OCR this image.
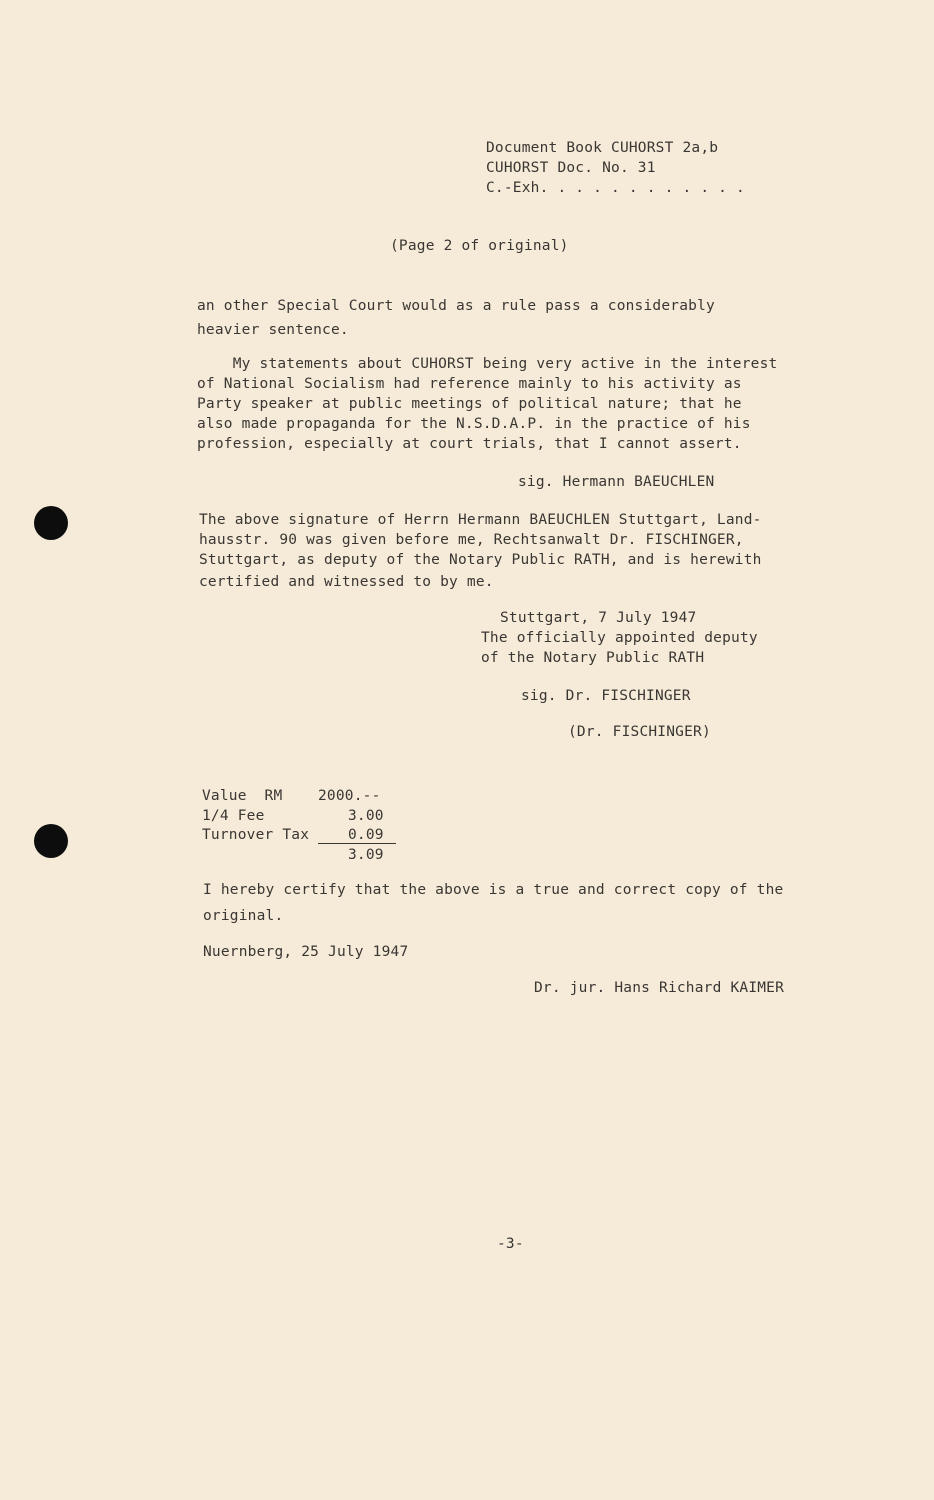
Document Book CUHORST 2a,b
CUHORST Doc. No. 31
C.-Exh. . . . . . . . . . . .
(Page 2 of original)
an other Special Court would as a rule pass a considerably
heavier sentence.
My statements about CUHORST being very active in the interest
of National Socialism had reference mainly to his activity as
Party speaker at public meetings of political nature; that he
also made propaganda for the N.S.D.A.P. in the practice of his
profession, especially at court trials, that I cannot assert.
sig. Hermann BAEUCHLEN
The above signature of Herrn Hermann BAEUCHLEN Stuttgart, Land-
hausstr. 90 was given before me, Rechtsanwalt Dr. FISCHINGER,
Stuttgart, as deputy of the Notary Public RATH, and is herewith
certified and witnessed to by me.
Stuttgart, 7 July 1947
The officially appointed deputy
of the Notary Public RATH
sig. Dr. FISCHINGER
(Dr. FISCHINGER)
Value  RM 2000.--
1/4 Fee	3.00
Turnover Tax	0.09
3.09
I hereby certify that the above is a true and correct copy of the
original.
Nuernberg, 25 July 1947
Dr. jur. Hans Richard KAIMER
-3-
